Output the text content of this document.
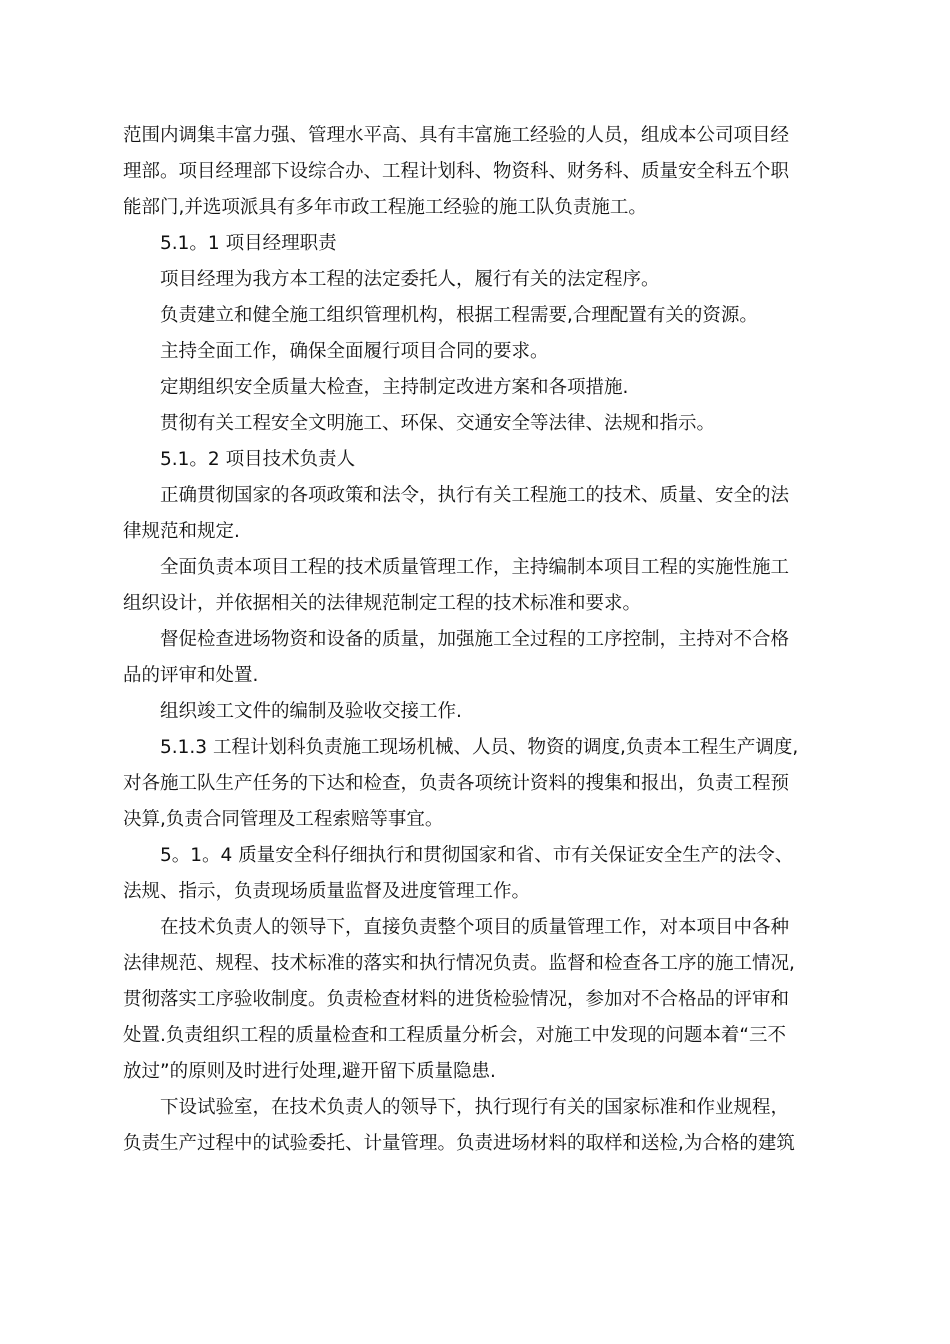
范围内调集丰富力强、管理水平高、具有丰富施工经验的人员，组成本公司项目经
理部。项目经理部下设综合办、工程计划科、物资科、财务科、质量安全科五个职
能部门,并选项派具有多年市政工程施工经验的施工队负责施工。
5.1。1 项目经理职责
项目经理为我方本工程的法定委托人，履行有关的法定程序。
负责建立和健全施工组织管理机构，根据工程需要,合理配置有关的资源。
主持全面工作，确保全面履行项目合同的要求。
定期组织安全质量大检查，主持制定改进方案和各项措施.
贯彻有关工程安全文明施工、环保、交通安全等法律、法规和指示。
5.1。2 项目技术负责人
正确贯彻国家的各项政策和法令，执行有关工程施工的技术、质量、安全的法
律规范和规定.
全面负责本项目工程的技术质量管理工作，主持编制本项目工程的实施性施工
组织设计，并依据相关的法律规范制定工程的技术标准和要求。
督促检查进场物资和设备的质量，加强施工全过程的工序控制，主持对不合格
品的评审和处置.
组织竣工文件的编制及验收交接工作.
5.1.3 工程计划科负责施工现场机械、人员、物资的调度,负责本工程生产调度,
对各施工队生产任务的下达和检查，负责各项统计资料的搜集和报出，负责工程预
决算,负责合同管理及工程索赔等事宜。
5。1。4 质量安全科仔细执行和贯彻国家和省、市有关保证安全生产的法令、
法规、指示，负责现场质量监督及进度管理工作。
在技术负责人的领导下，直接负责整个项目的质量管理工作，对本项目中各种
法律规范、规程、技术标准的落实和执行情况负责。监督和检查各工序的施工情况,
贯彻落实工序验收制度。负责检查材料的进货检验情况，参加对不合格品的评审和
处置.负责组织工程的质量检查和工程质量分析会，对施工中发现的问题本着“三不
放过”的原则及时进行处理,避开留下质量隐患.
下设试验室，在技术负责人的领导下，执行现行有关的国家标准和作业规程，
负责生产过程中的试验委托、计量管理。负责进场材料的取样和送检,为合格的建筑
